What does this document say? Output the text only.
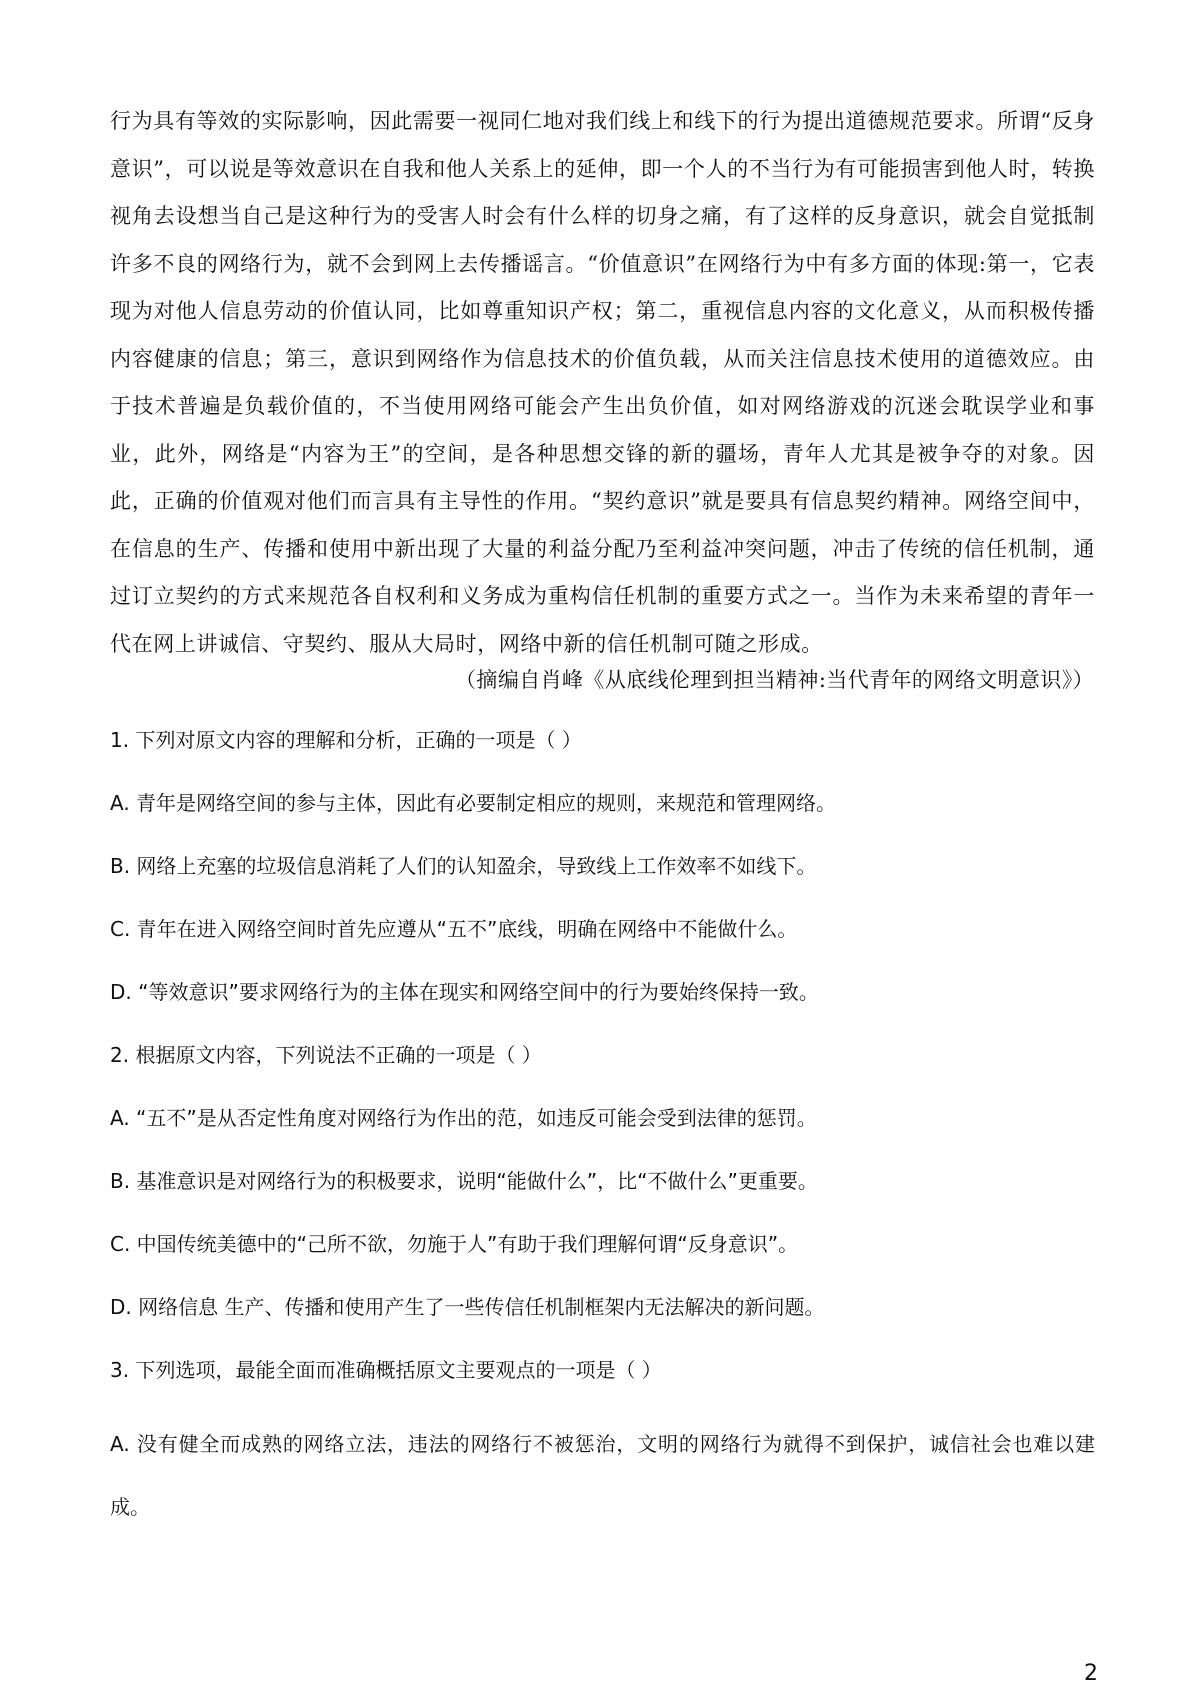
行为具有等效的实际影响，因此需要一视同仁地对我们线上和线下的行为提出道德规范要求。所谓“反身意识”，可以说是等效意识在自我和他人关系上的延伸，即一个人的不当行为有可能损害到他人时，转换视角去设想当自己是这种行为的受害人时会有什么样的切身之痛，有了这样的反身意识，就会自觉抵制许多不良的网络行为，就不会到网上去传播谣言。“价值意识”在网络行为中有多方面的体现:第一，它表现为对他人信息劳动的价值认同，比如尊重知识产权；第二，重视信息内容的文化意义，从而积极传播内容健康的信息；第三，意识到网络作为信息技术的价值负载，从而关注信息技术使用的道德效应。由于技术普遍是负载价值的，不当使用网络可能会产生出负价值，如对网络游戏的沉迷会耽误学业和事业，此外，网络是“内容为王”的空间，是各种思想交锋的新的疆场，青年人尤其是被争夺的对象。因此，正确的价值观对他们而言具有主导性的作用。“契约意识”就是要具有信息契约精神。网络空间中，在信息的生产、传播和使用中新出现了大量的利益分配乃至利益冲突问题，冲击了传统的信任机制，通过订立契约的方式来规范各自权利和义务成为重构信任机制的重要方式之一。当作为未来希望的青年一代在网上讲诚信、守契约、服从大局时，网络中新的信任机制可随之形成。

（摘编自肖峰《从底线伦理到担当精神:当代青年的网络文明意识》）

1. 下列对原文内容的理解和分析，正确的一项是（ ）

A. 青年是网络空间的参与主体，因此有必要制定相应的规则，来规范和管理网络。

B. 网络上充塞的垃圾信息消耗了人们的认知盈余，导致线上工作效率不如线下。

C. 青年在进入网络空间时首先应遵从“五不”底线，明确在网络中不能做什么。

D. “等效意识”要求网络行为的主体在现实和网络空间中的行为要始终保持一致。

2. 根据原文内容，下列说法不正确的一项是（ ）

A. “五不”是从否定性角度对网络行为作出的范，如违反可能会受到法律的惩罚。

B. 基准意识是对网络行为的积极要求，说明“能做什么”，比“不做什么”更重要。

C. 中国传统美德中的“己所不欲，勿施于人”有助于我们理解何谓“反身意识”。

D. 网络信息 生产、传播和使用产生了一些传信任机制框架内无法解决的新问题。

3. 下列选项，最能全面而准确概括原文主要观点的一项是（ ）

A. 没有健全而成熟的网络立法，违法的网络行不被惩治，文明的网络行为就得不到保护，诚信社会也难以建成。

2
